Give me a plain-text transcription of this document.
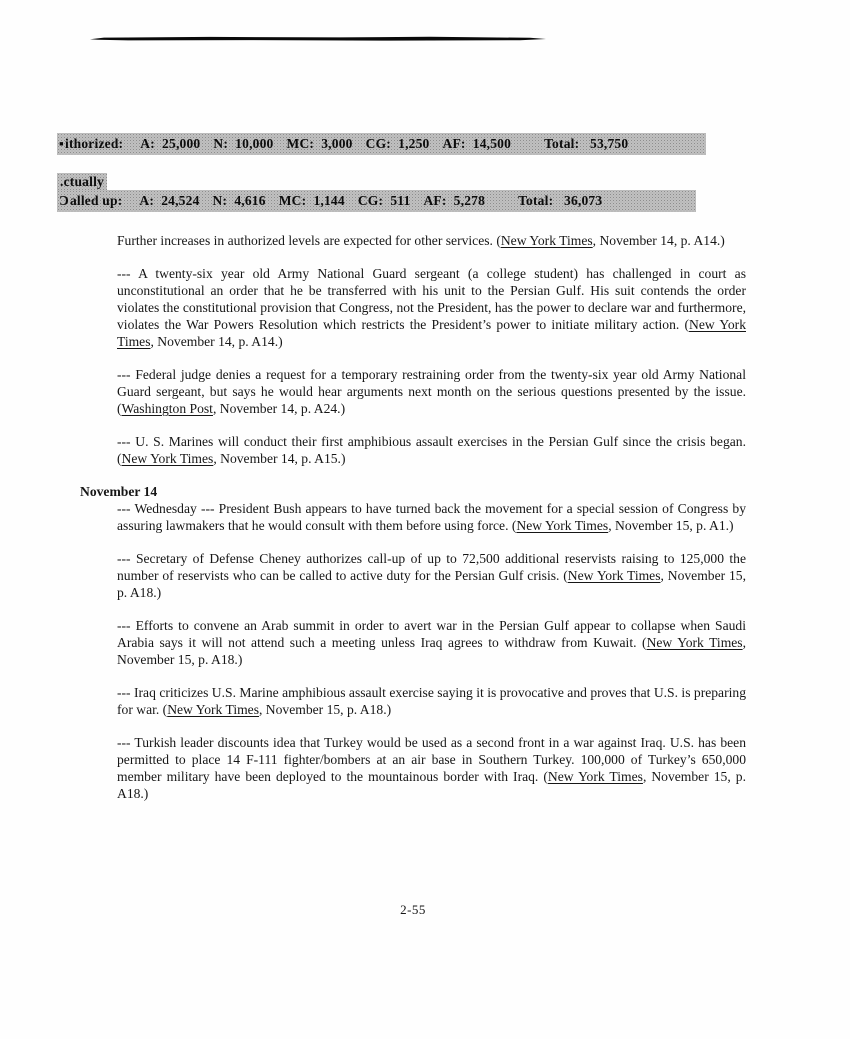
▪ ithorized: A:  25,000 N:  10,000 MC:  3,000 CG:  1,250 AF:  14,500 Total:   53,750
.ctually
Ɔ alled up: A:  24,524 N:  4,616 MC:  1,144 CG:  511 AF:  5,278 Total:   36,073

Further increases in authorized levels are expected for other services. (New York Times, November 14, p. A14.)

--- A twenty-six year old Army National Guard sergeant (a college student) has challenged in court as unconstitutional an order that he be transferred with his unit to the Persian Gulf. His suit contends the order violates the constitutional provision that Congress, not the President, has the power to declare war and furthermore, violates the War Powers Resolution which restricts the President’s power to initiate military action. (New York Times, November 14, p. A14.)

--- Federal judge denies a request for a temporary restraining order from the twenty-six year old Army National Guard sergeant, but says he would hear arguments next month on the serious questions presented by the issue. (Washington Post, November 14, p. A24.)

--- U. S. Marines will conduct their first amphibious assault exercises in the Persian Gulf since the crisis began. (New York Times, November 14, p. A15.)

November 14

--- Wednesday --- President Bush appears to have turned back the movement for a special session of Congress by assuring lawmakers that he would consult with them before using force. (New York Times, November 15, p. A1.)

--- Secretary of Defense Cheney authorizes call-up of up to 72,500 additional reservists raising to 125,000 the number of reservists who can be called to active duty for the Persian Gulf crisis. (New York Times, November 15, p. A18.)

--- Efforts to convene an Arab summit in order to avert war in the Persian Gulf appear to collapse when Saudi Arabia says it will not attend such a meeting unless Iraq agrees to withdraw from Kuwait. (New York Times, November 15, p. A18.)

--- Iraq criticizes U.S. Marine amphibious assault exercise saying it is provocative and proves that U.S. is preparing for war. (New York Times, November 15, p. A18.)

--- Turkish leader discounts idea that Turkey would be used as a second front in a war against Iraq. U.S. has been permitted to place 14 F-111 fighter/bombers at an air base in Southern Turkey. 100,000 of Turkey’s 650,000 member military have been deployed to the mountainous border with Iraq. (New York Times, November 15, p. A18.)

2-55
